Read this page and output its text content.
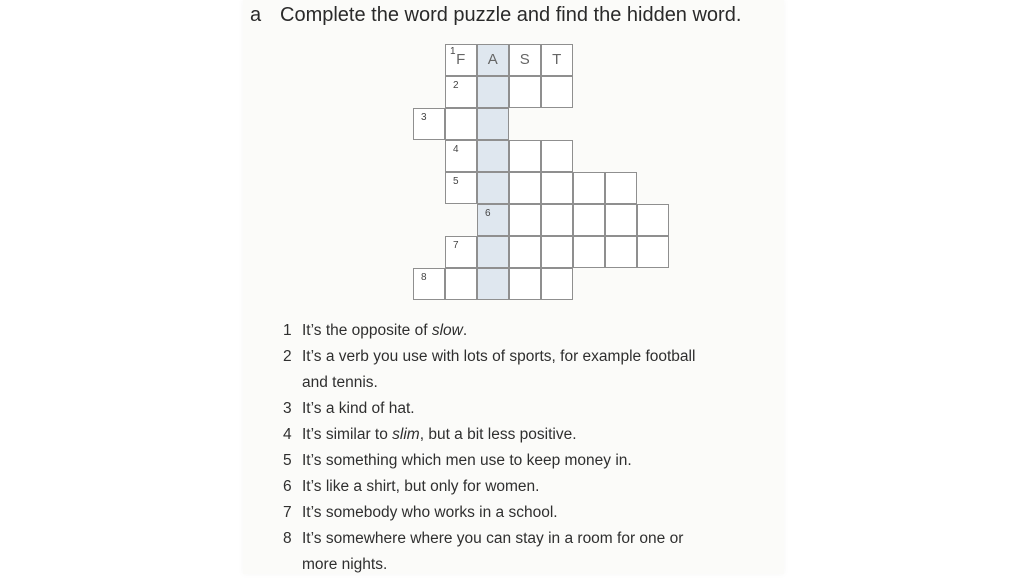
a Complete the word puzzle and find the hidden word.
1 F	A	S	T
2
3
4
5
6
7
8
1 It’s the opposite of slow.
2 It’s a verb you use with lots of sports, for example football
and tennis.
3 It’s a kind of hat.
4 It’s similar to slim, but a bit less positive.
5 It’s something which men use to keep money in.
6 It’s like a shirt, but only for women.
7 It’s somebody who works in a school.
8 It’s somewhere where you can stay in a room for one or
more nights.
